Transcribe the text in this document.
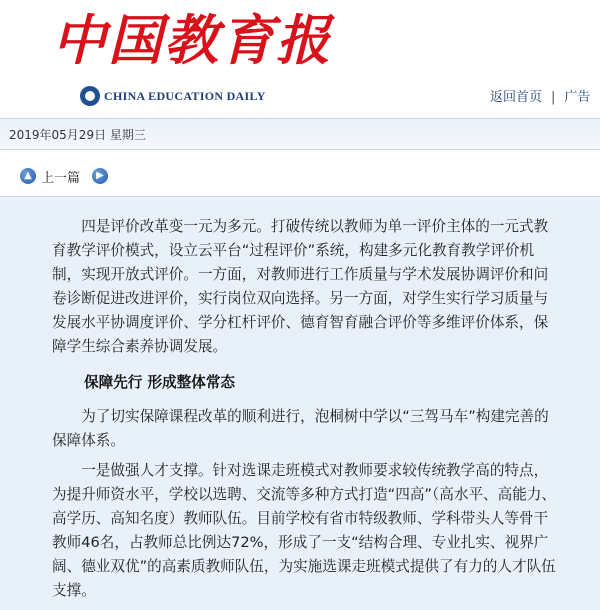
中国教育报
CHINA EDUCATION DAILY	返回首页 | 广告
2019年05月29日 星期三
▲ 上一篇	▶
四是评价改革变一元为多元。打破传统以教师为单一评价主体的一元式教育教学评价模式，设立云平台“过程评价”系统，构建多元化教育教学评价机制，实现开放式评价。一方面，对教师进行工作质量与学术发展协调评价和问卷诊断促进改进评价，实行岗位双向选择。另一方面，对学生实行学习质量与发展水平协调度评价、学分杠杆评价、德育智育融合评价等多维评价体系，保障学生综合素养协调发展。
保障先行 形成整体常态
为了切实保障课程改革的顺利进行，泡桐树中学以“三驾马车”构建完善的保障体系。
一是做强人才支撑。针对选课走班模式对教师要求较传统教学高的特点，为提升师资水平，学校以选聘、交流等多种方式打造“四高”（高水平、高能力、高学历、高知名度）教师队伍。目前学校有省市特级教师、学科带头人等骨干教师46名，占教师总比例达72%，形成了一支“结构合理、专业扎实、视界广阔、德业双优”的高素质教师队伍，为实施选课走班模式提供了有力的人才队伍支撑。
